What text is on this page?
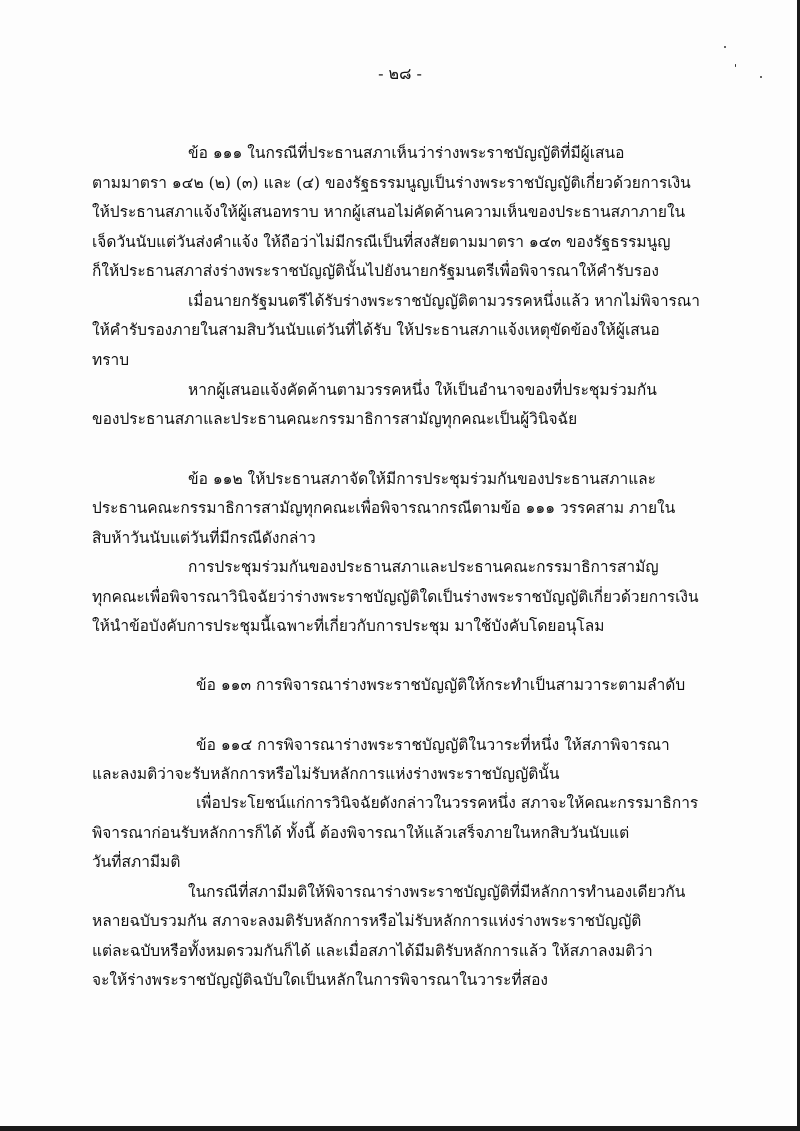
- ๒๘ -
ข้อ ๑๑๑ ในกรณีที่ประธานสภาเห็นว่าร่างพระราชบัญญัติที่มีผู้เสนอ
ตามมาตรา ๑๔๒ (๒) (๓) และ (๔) ของรัฐธรรมนูญเป็นร่างพระราชบัญญัติเกี่ยวด้วยการเงิน
ให้ประธานสภาแจ้งให้ผู้เสนอทราบ หากผู้เสนอไม่คัดค้านความเห็นของประธานสภาภายใน
เจ็ดวันนับแต่วันส่งคำแจ้ง ให้ถือว่าไม่มีกรณีเป็นที่สงสัยตามมาตรา ๑๔๓ ของรัฐธรรมนูญ
ก็ให้ประธานสภาส่งร่างพระราชบัญญัตินั้นไปยังนายกรัฐมนตรีเพื่อพิจารณาให้คำรับรอง
เมื่อนายกรัฐมนตรีได้รับร่างพระราชบัญญัติตามวรรคหนึ่งแล้ว หากไม่พิจารณา
ให้คำรับรองภายในสามสิบวันนับแต่วันที่ได้รับ ให้ประธานสภาแจ้งเหตุขัดข้องให้ผู้เสนอ
ทราบ
หากผู้เสนอแจ้งคัดค้านตามวรรคหนึ่ง ให้เป็นอำนาจของที่ประชุมร่วมกัน
ของประธานสภาและประธานคณะกรรมาธิการสามัญทุกคณะเป็นผู้วินิจฉัย
ข้อ ๑๑๒ ให้ประธานสภาจัดให้มีการประชุมร่วมกันของประธานสภาและ
ประธานคณะกรรมาธิการสามัญทุกคณะเพื่อพิจารณากรณีตามข้อ ๑๑๑ วรรคสาม ภายใน
สิบห้าวันนับแต่วันที่มีกรณีดังกล่าว
การประชุมร่วมกันของประธานสภาและประธานคณะกรรมาธิการสามัญ
ทุกคณะเพื่อพิจารณาวินิจฉัยว่าร่างพระราชบัญญัติใดเป็นร่างพระราชบัญญัติเกี่ยวด้วยการเงิน
ให้นำข้อบังคับการประชุมนี้เฉพาะที่เกี่ยวกับการประชุม มาใช้บังคับโดยอนุโลม
ข้อ ๑๑๓ การพิจารณาร่างพระราชบัญญัติให้กระทำเป็นสามวาระตามลำดับ
ข้อ ๑๑๔ การพิจารณาร่างพระราชบัญญัติในวาระที่หนึ่ง ให้สภาพิจารณา
และลงมติว่าจะรับหลักการหรือไม่รับหลักการแห่งร่างพระราชบัญญัตินั้น
เพื่อประโยชน์แก่การวินิจฉัยดังกล่าวในวรรคหนึ่ง สภาจะให้คณะกรรมาธิการ
พิจารณาก่อนรับหลักการก็ได้ ทั้งนี้ ต้องพิจารณาให้แล้วเสร็จภายในหกสิบวันนับแต่
วันที่สภามีมติ
ในกรณีที่สภามีมติให้พิจารณาร่างพระราชบัญญัติที่มีหลักการทำนองเดียวกัน
หลายฉบับรวมกัน สภาจะลงมติรับหลักการหรือไม่รับหลักการแห่งร่างพระราชบัญญัติ
แต่ละฉบับหรือทั้งหมดรวมกันก็ได้ และเมื่อสภาได้มีมติรับหลักการแล้ว ให้สภาลงมติว่า
จะให้ร่างพระราชบัญญัติฉบับใดเป็นหลักในการพิจารณาในวาระที่สอง
